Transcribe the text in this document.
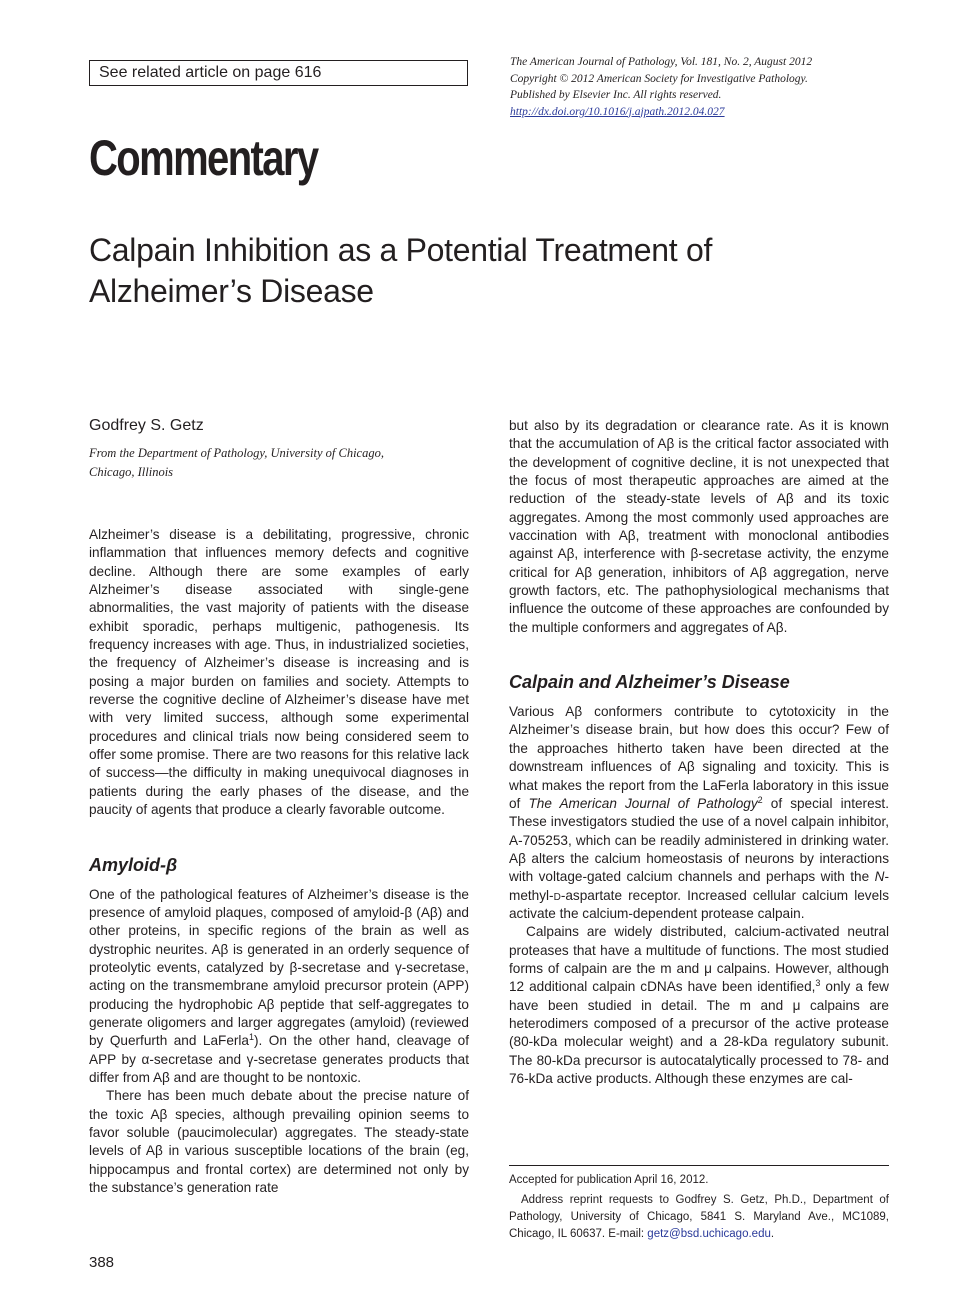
See related article on page 616
The American Journal of Pathology, Vol. 181, No. 2, August 2012
Copyright © 2012 American Society for Investigative Pathology.
Published by Elsevier Inc. All rights reserved.
http://dx.doi.org/10.1016/j.ajpath.2012.04.027
Commentary
Calpain Inhibition as a Potential Treatment of
Alzheimer’s Disease
Godfrey S. Getz
From the Department of Pathology, University of Chicago,
Chicago, Illinois

Alzheimer’s disease is a debilitating, progressive, chronic inflammation that influences memory defects and cognitive decline. Although there are some examples of early Alzheimer’s disease associated with single-gene abnormalities, the vast majority of patients with the disease exhibit sporadic, perhaps multigenic, pathogenesis. Its frequency increases with age. Thus, in industrialized societies, the frequency of Alzheimer’s disease is increasing and is posing a major burden on families and society. Attempts to reverse the cognitive decline of Alzheimer’s disease have met with very limited success, although some experimental procedures and clinical trials now being considered seem to offer some promise. There are two reasons for this relative lack of success—the difficulty in making unequivocal diagnoses in patients during the early phases of the disease, and the paucity of agents that produce a clearly favorable outcome.

Amyloid-β

One of the pathological features of Alzheimer’s disease is the presence of amyloid plaques, composed of amyloid-β (Aβ) and other proteins, in specific regions of the brain as well as dystrophic neurites. Aβ is generated in an orderly sequence of proteolytic events, catalyzed by β-secretase and γ-secretase, acting on the transmembrane amyloid precursor protein (APP) producing the hydrophobic Aβ peptide that self-aggregates to generate oligomers and larger aggregates (amyloid) (reviewed by Querfurth and LaFerla$^1$). On the other hand, cleavage of APP by α-secretase and γ-secretase generates products that differ from Aβ and are thought to be nontoxic.

There has been much debate about the precise nature of the toxic Aβ species, although prevailing opinion seems to favor soluble (paucimolecular) aggregates. The steady-state levels of Aβ in various susceptible locations of the brain (eg, hippocampus and frontal cortex) are determined not only by the substance’s generation rate

but also by its degradation or clearance rate. As it is known that the accumulation of Aβ is the critical factor associated with the development of cognitive decline, it is not unexpected that the focus of most therapeutic approaches are aimed at the reduction of the steady-state levels of Aβ and its toxic aggregates. Among the most commonly used approaches are vaccination with Aβ, treatment with monoclonal antibodies against Aβ, interference with β-secretase activity, the enzyme critical for Aβ generation, inhibitors of Aβ aggregation, nerve growth factors, etc. The pathophysiological mechanisms that influence the outcome of these approaches are confounded by the multiple conformers and aggregates of Aβ.

Calpain and Alzheimer’s Disease

Various Aβ conformers contribute to cytotoxicity in the Alzheimer’s disease brain, but how does this occur? Few of the approaches hitherto taken have been directed at the downstream influences of Aβ signaling and toxicity. This is what makes the report from the LaFerla laboratory in this issue of The American Journal of Pathology$^2$ of special interest. These investigators studied the use of a novel calpain inhibitor, A-705253, which can be readily administered in drinking water. Aβ alters the calcium homeostasis of neurons by interactions with voltage-gated calcium channels and perhaps with the N-methyl-d-aspartate receptor. Increased cellular calcium levels activate the calcium-dependent protease calpain.

Calpains are widely distributed, calcium-activated neutral proteases that have a multitude of functions. The most studied forms of calpain are the m and μ calpains. However, although 12 additional calpain cDNAs have been identified,$^3$ only a few have been studied in detail. The m and μ calpains are heterodimers composed of a precursor of the active protease (80-kDa molecular weight) and a 28-kDa regulatory subunit. The 80-kDa precursor is autocatalytically processed to 78- and 76-kDa active products. Although these enzymes are cal-

Accepted for publication April 16, 2012.
Address reprint requests to Godfrey S. Getz, Ph.D., Department of Pathology, University of Chicago, 5841 S. Maryland Ave., MC1089, Chicago, IL 60637. E-mail: getz@bsd.uchicago.edu.
388
